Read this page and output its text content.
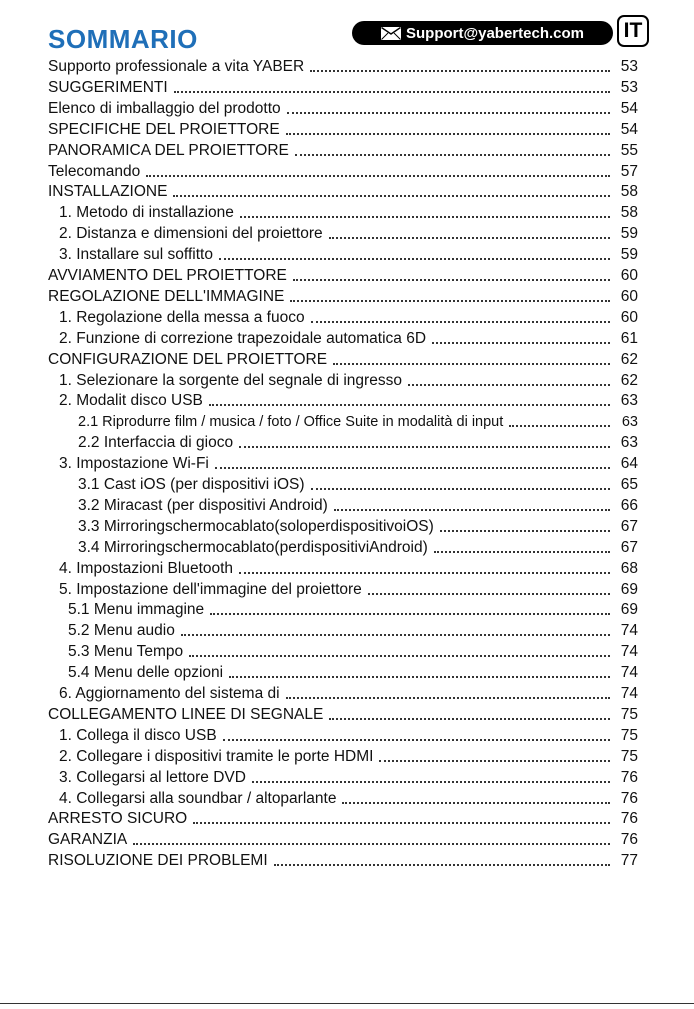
SOMMARIO	Support@yabertech.com	IT
Supporto professionale a vita YABER	53
SUGGERIMENTI	53
Elenco di imballaggio del prodotto	54
SPECIFICHE DEL PROIETTORE	54
PANORAMICA DEL PROIETTORE	55
Telecomando	57
INSTALLAZIONE	58
1. Metodo di installazione	58
2. Distanza e dimensioni del proiettore	59
3. Installare sul soffitto	59
AVVIAMENTO DEL PROIETTORE	60
REGOLAZIONE DELL'IMMAGINE	60
1. Regolazione della messa a fuoco	60
2. Funzione di correzione trapezoidale automatica 6D	61
CONFIGURAZIONE DEL PROIETTORE	62
1. Selezionare la sorgente del segnale di ingresso	62
2. Modalit disco USB	63
2.1 Riprodurre film / musica / foto / Office Suite in modalità di input	63
2.2 Interfaccia di gioco	63
3. Impostazione Wi-Fi	64
3.1 Cast iOS (per dispositivi iOS)	65
3.2 Miracast (per dispositivi Android)	66
3.3 Mirroringschermocablato(soloperdispositivoiOS)	67
3.4 Mirroringschermocablato(perdispositiviAndroid)	67
4. Impostazioni Bluetooth	68
5. Impostazione dell'immagine del proiettore	69
5.1 Menu immagine	69
5.2 Menu audio	74
5.3 Menu Tempo	74
5.4 Menu delle opzioni	74
6. Aggiornamento del sistema di	74
COLLEGAMENTO LINEE DI SEGNALE	75
1. Collega il disco USB	75
2. Collegare i dispositivi tramite le porte HDMI	75
3. Collegarsi al lettore DVD	76
4. Collegarsi alla soundbar / altoparlante	76
ARRESTO SICURO	76
GARANZIA	76
RISOLUZIONE DEI PROBLEMI	77
